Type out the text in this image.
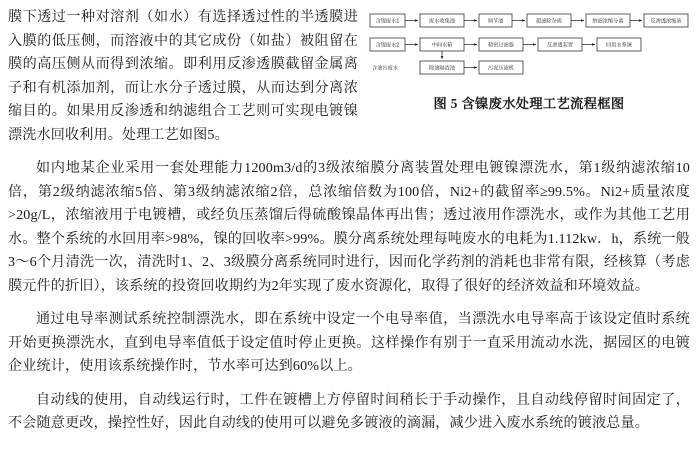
含镍废水1	废水收集池	调节池	超滤除杂质	纳滤浓缩分离	反渗透浓缩液
含镍废水2	中间水箱	精密过滤器	反渗透装置	回用水系统
除油隔渣池	污泥压滤机
含油污废水
图 5 含镍废水处理工艺流程框图

膜下透过一种对溶剂（如水）有选择透过性的半透膜进入膜的低压侧，而溶液中的其它成份（如盐）被阻留在膜的高压侧从而得到浓缩。即利用反渗透膜截留金属离子和有机添加剂，而让水分子透过膜，从而达到分离浓缩目的。如果用反渗透和纳滤组合工艺则可实现电镀镍漂洗水回收利用。处理工艺如图5。

如内地某企业采用一套处理能力1200m3/d的3级浓缩膜分离装置处理电镀镍漂洗水，第1级纳滤浓缩10倍，第2级纳滤浓缩5倍、第3级纳滤浓缩2倍，总浓缩倍数为100倍，Ni2+的截留率≥99.5%。Ni2+质量浓度>20g/L，浓缩液用于电镀槽，或经负压蒸馏后得硫酸镍晶体再出售；透过液用作漂洗水，或作为其他工艺用水。整个系统的水回用率>98%，镍的回收率>99%。膜分离系统处理每吨废水的电耗为1.112kw．h，系统一般3～6个月清洗一次，清洗时1、2、3级膜分离系统同时进行，因而化学药剂的消耗也非常有限，经核算（考虑膜元件的折旧），该系统的投资回收期约为2年实现了废水资源化，取得了很好的经济效益和环境效益。

通过电导率测试系统控制漂洗水，即在系统中设定一个电导率值，当漂洗水电导率高于该设定值时系统开始更换漂洗水，直到电导率值低于设定值时停止更换。这样操作有别于一直采用流动水洗，据园区的电镀企业统计，使用该系统操作时，节水率可达到60%以上。

自动线的使用，自动线运行时，工件在镀槽上方停留时间稍长于手动操作，且自动线停留时间固定了，不会随意更改，操控性好，因此自动线的使用可以避免多镀液的滴漏，减少进入废水系统的镀液总量。
